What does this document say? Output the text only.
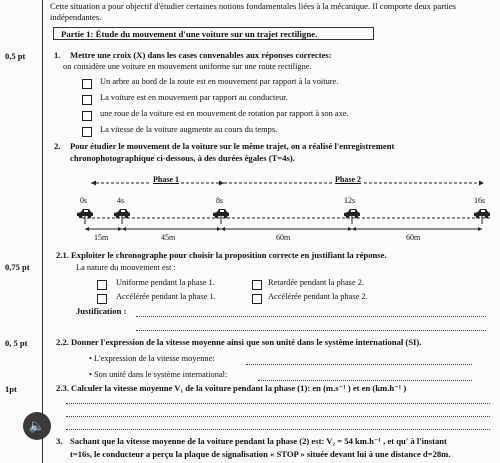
Cette situation a pour objectif d'étudier certaines notions fondamentales liées à la mécanique. Il comporte deux parties indépendantes.
Partie 1: Étude du mouvement d'une voiture sur un trajet rectiligne.
0,5 pt	1. Mettre une croix (X) dans les cases convenables aux réponses correctes:
on considère une voiture en mouvement uniforme sur une route rectiligne.
Un arbre au bord de la route est en mouvement par rapport à la voiture.
La voiture est en mouvement par rapport au conducteur.
une roue de la voiture est en mouvement de rotation par rapport à son axe.
La vitesse de la voiture augmente au cours du temps.
2. Pour étudier le mouvement de la voiture sur le même trajet, on a réalisé l'enregistrement
chronophotographique ci-dessous, à des durées égales (T=4s).
Phase 1	Phase 2
0s	4s	8s	12s	16s
15m	45m	60m	60m
0,75 pt
2.1. Exploiter le chronographe pour choisir la proposition correcte en justifiant la réponse.
La nature du mouvement est :
Uniforme pendant la phase 1.	Retardée pendant la phase 2.
Accélérée pendant la phase 1.	Accélérée pendant la phase 2.
Justification :
0, 5 pt	2.2. Donner l'expression de la vitesse moyenne ainsi que son unité dans le système international (SI).
• L'expression de la vitesse moyenne:
• Son unité dans le système international:
1pt	2.3. Calculer la vitesse moyenne V₁ de la voiture pendant la phase (1): en (m.s⁻¹ ) et en (km.h⁻¹ )
🔈
3. Sachant que la vitesse moyenne de la voiture pendant la phase (2) est: V₂ = 54 km.h⁻¹ , et qu' à l'instant
t=16s, le conducteur a perçu la plaque de signalisation « STOP » située devant lui à une distance d=28m.
